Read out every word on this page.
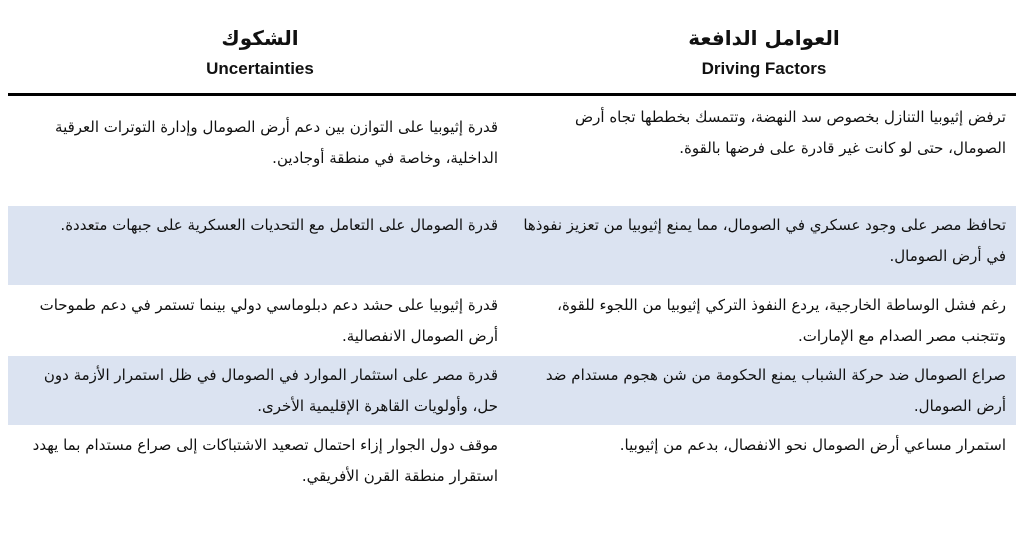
العوامل الدافعة
Driving Factors
الشكوك
Uncertainties
ترفض إثيوبيا التنازل بخصوص سد النهضة، وتتمسك بخططها تجاه أرض الصومال، حتى لو كانت غير قادرة على فرضها بالقوة.
قدرة إثيوبيا على التوازن بين دعم أرض الصومال وإدارة التوترات العرقية الداخلية، وخاصة في منطقة أوجادين.
تحافظ مصر على وجود عسكري في الصومال، مما يمنع إثيوبيا من تعزيز نفوذها في أرض الصومال.
قدرة الصومال على التعامل مع التحديات العسكرية على جبهات متعددة.
رغم فشل الوساطة الخارجية، يردع النفوذ التركي إثيوبيا من اللجوء للقوة، وتتجنب مصر الصدام مع الإمارات.
قدرة إثيوبيا على حشد دعم دبلوماسي دولي بينما تستمر في دعم طموحات أرض الصومال الانفصالية.
صراع الصومال ضد حركة الشباب يمنع الحكومة من شن هجوم مستدام ضد أرض الصومال.
قدرة مصر على استثمار الموارد في الصومال في ظل استمرار الأزمة دون حل، وأولويات القاهرة الإقليمية الأخرى.
استمرار مساعي أرض الصومال نحو الانفصال، بدعم من إثيوبيا.
موقف دول الجوار إزاء احتمال تصعيد الاشتباكات إلى صراع مستدام بما يهدد استقرار منطقة القرن الأفريقي.
